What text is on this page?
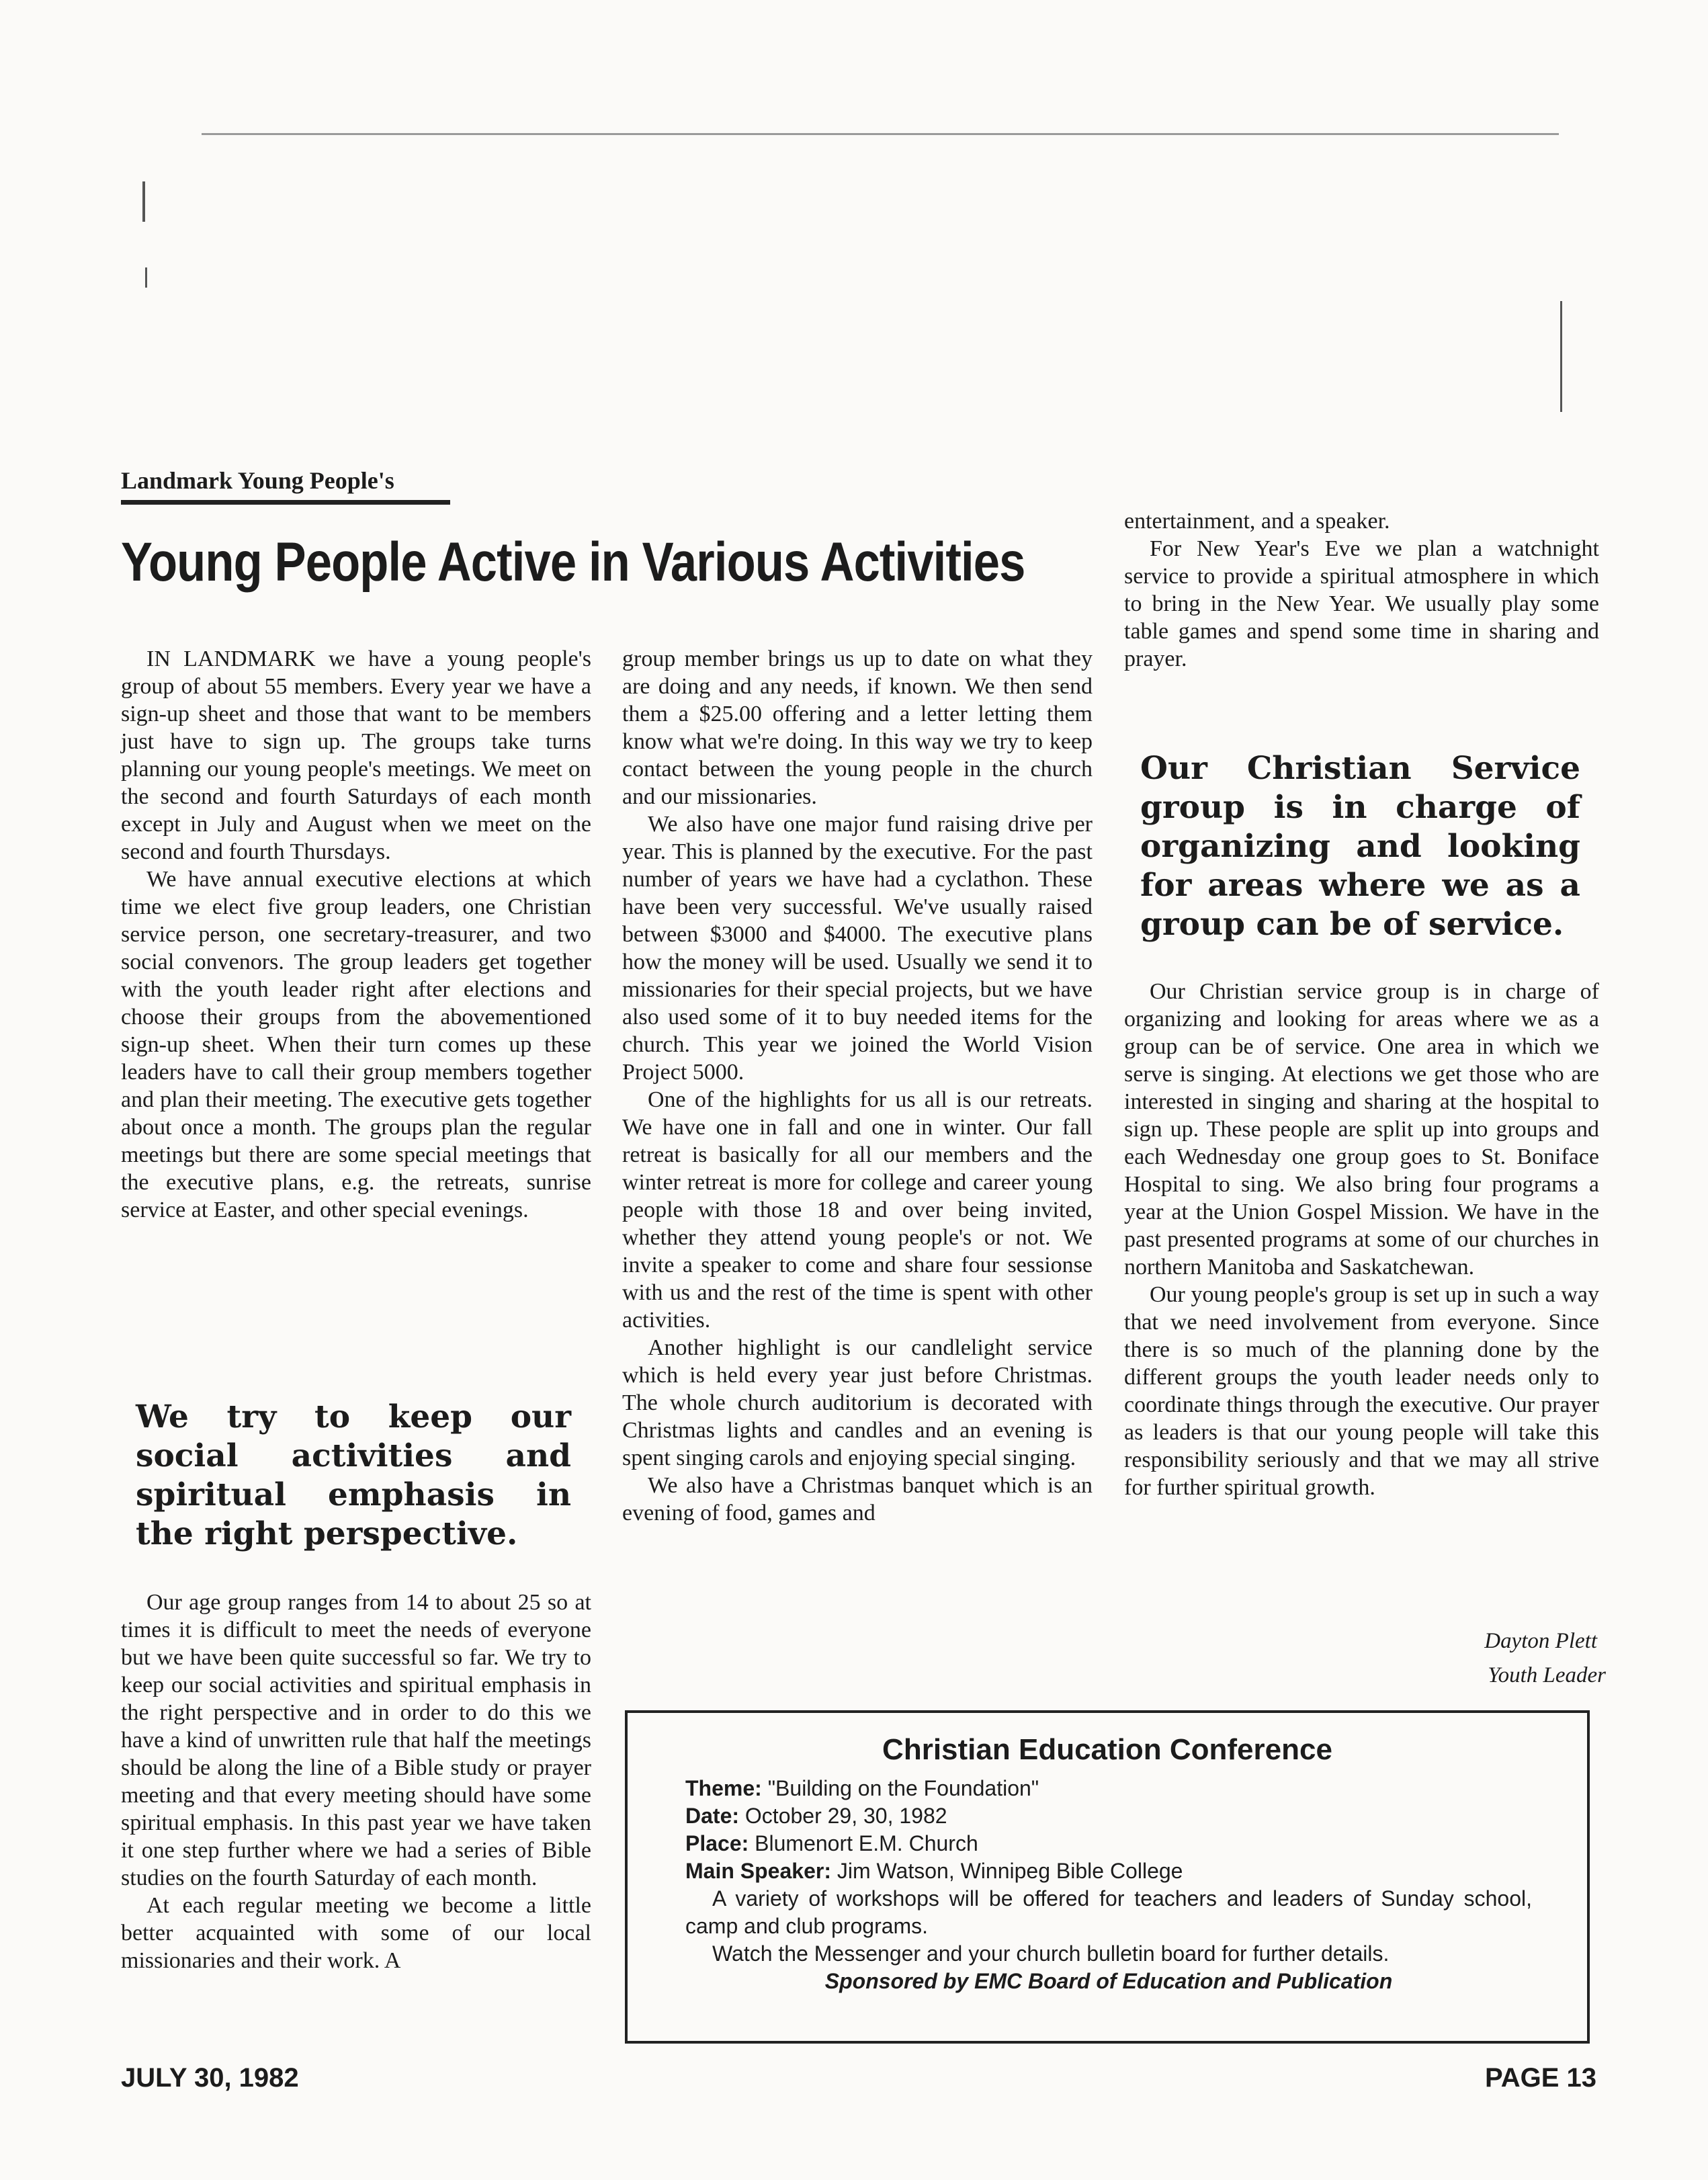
Landmark Young People's
Young People Active in Various Activities

IN LANDMARK we have a young people's group of about 55 members. Every year we have a sign-up sheet and those that want to be members just have to sign up. The groups take turns planning our young people's meetings. We meet on the second and fourth Saturdays of each month except in July and August when we meet on the second and fourth Thursdays.

We have annual executive elections at which time we elect five group leaders, one Christian service person, one secretary-treasurer, and two social convenors. The group leaders get together with the youth leader right after elections and choose their groups from the abovementioned sign-up sheet. When their turn comes up these leaders have to call their group members together and plan their meeting. The executive gets together about once a month. The groups plan the regular meetings but there are some special meetings that the executive plans, e.g. the retreats, sunrise service at Easter, and other special evenings.

We try to keep our social activities and spiritual emphasis in the right perspective.

Our age group ranges from 14 to about 25 so at times it is difficult to meet the needs of everyone but we have been quite successful so far. We try to keep our social activities and spiritual emphasis in the right perspective and in order to do this we have a kind of unwritten rule that half the meetings should be along the line of a Bible study or prayer meeting and that every meeting should have some spiritual emphasis. In this past year we have taken it one step further where we had a series of Bible studies on the fourth Saturday of each month.

At each regular meeting we become a little better acquainted with some of our local missionaries and their work. A

group member brings us up to date on what they are doing and any needs, if known. We then send them a $25.00 offering and a letter letting them know what we're doing. In this way we try to keep contact between the young people in the church and our missionaries.

We also have one major fund raising drive per year. This is planned by the executive. For the past number of years we have had a cyclathon. These have been very successful. We've usually raised between $3000 and $4000. The executive plans how the money will be used. Usually we send it to missionaries for their special projects, but we have also used some of it to buy needed items for the church. This year we joined the World Vision Project 5000.

One of the highlights for us all is our retreats. We have one in fall and one in winter. Our fall retreat is basically for all our members and the winter retreat is more for college and career young people with those 18 and over being invited, whether they attend young people's or not. We invite a speaker to come and share four sessionse with us and the rest of the time is spent with other activities.

Another highlight is our candlelight service which is held every year just before Christmas. The whole church auditorium is decorated with Christmas lights and candles and an evening is spent singing carols and enjoying special singing.

We also have a Christmas banquet which is an evening of food, games and

entertainment, and a speaker.

For New Year's Eve we plan a watchnight service to provide a spiritual atmosphere in which to bring in the New Year. We usually play some table games and spend some time in sharing and prayer.

Our Christian Service group is in charge of organizing and looking for areas where we as a group can be of service.

Our Christian service group is in charge of organizing and looking for areas where we as a group can be of service. One area in which we serve is singing. At elections we get those who are interested in singing and sharing at the hospital to sign up. These people are split up into groups and each Wednesday one group goes to St. Boniface Hospital to sing. We also bring four programs a year at the Union Gospel Mission. We have in the past presented programs at some of our churches in northern Manitoba and Saskatchewan.

Our young people's group is set up in such a way that we need involvement from everyone. Since there is so much of the planning done by the different groups the youth leader needs only to coordinate things through the executive. Our prayer as leaders is that our young people will take this responsibility seriously and that we may all strive for further spiritual growth.

Dayton Plett
Youth Leader
Christian Education Conference
Theme: "Building on the Foundation"
Date: October 29, 30, 1982
Place: Blumenort E.M. Church
Main Speaker: Jim Watson, Winnipeg Bible College
A variety of workshops will be offered for teachers and leaders of Sunday school, camp and club programs.
Watch the Messenger and your church bulletin board for further details.
Sponsored by EMC Board of Education and Publication
JULY 30, 1982	PAGE 13
